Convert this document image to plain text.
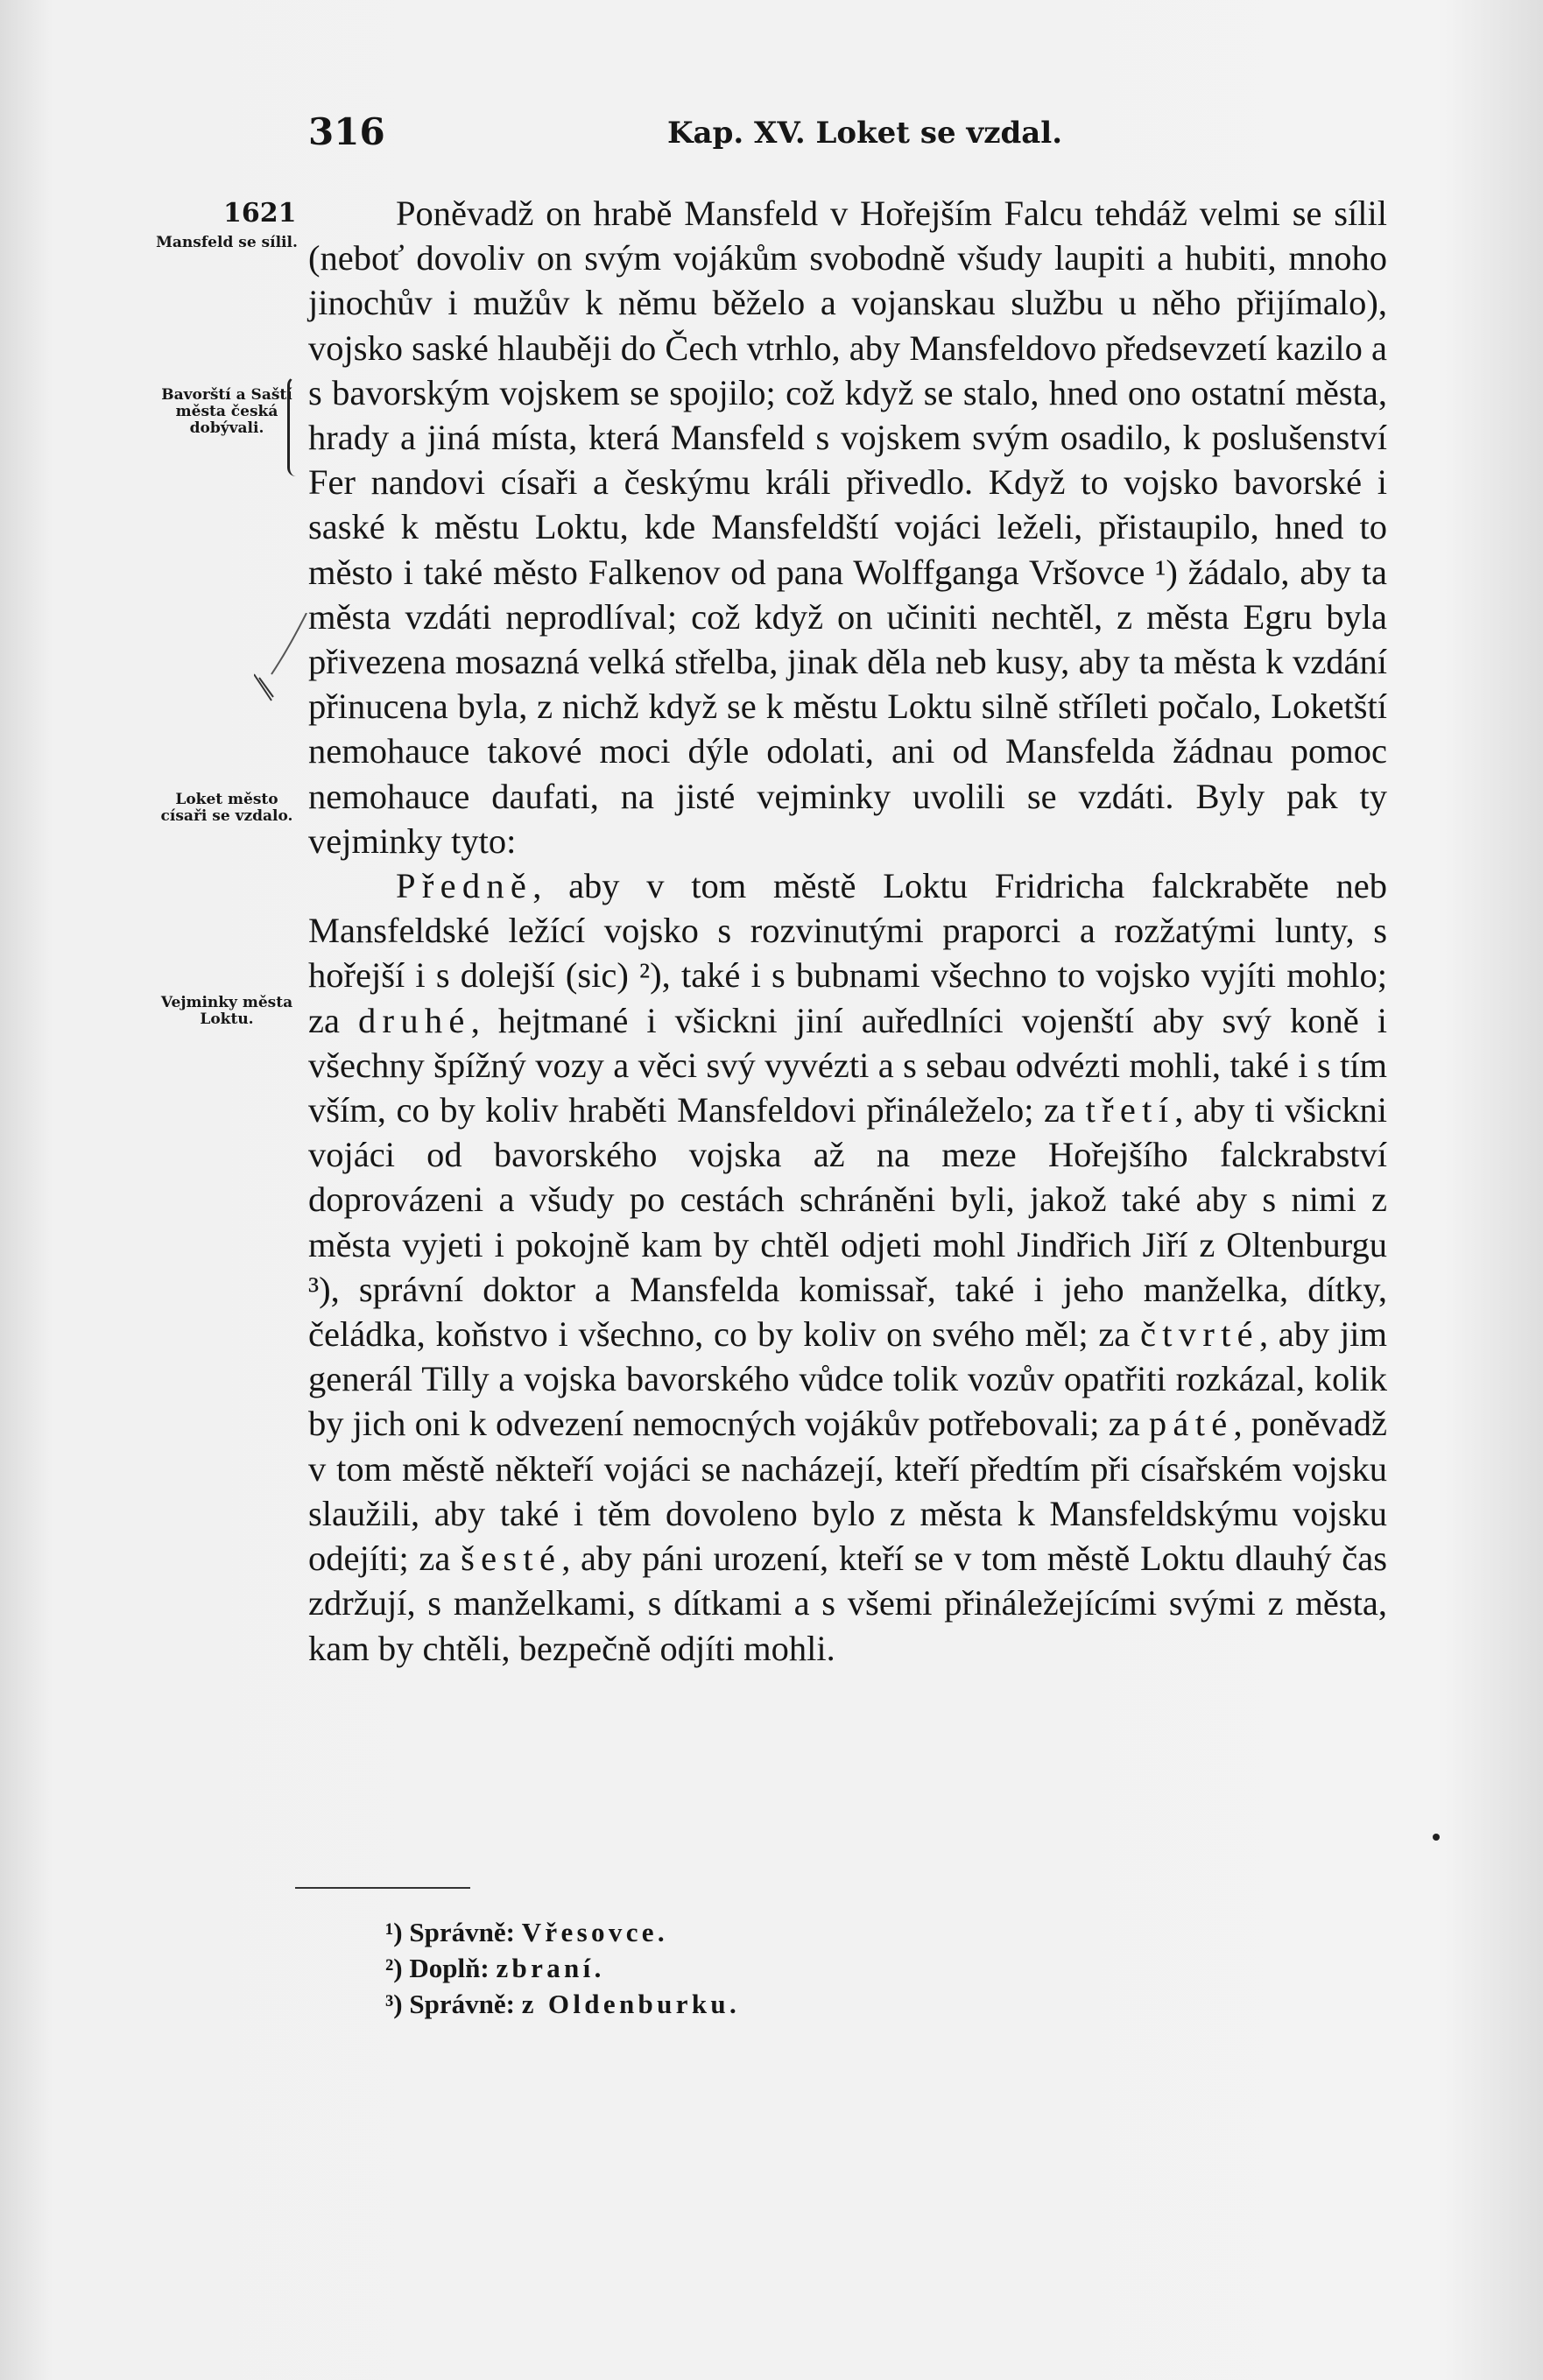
316	Kap. XV. Loket se vzdal.
1621
Mansfeld se sílil.
Bavorští a Saští města česká dobývali.
Loket město císaři se vzdalo.
Vejminky města Loktu.

Poněvadž on hrabě Mansfeld v Hořejším Falcu tehdáž velmi se sílil (neboť dovoliv on svým vojákům svobodně všudy laupiti a hubiti, mnoho jinochův i mužův k němu běželo a vojanskau službu u něho přijímalo), vojsko saské hlauběji do Čech vtrhlo, aby Mansfeldovo předsevzetí kazilo a s bavorským vojskem se spojilo; což když se stalo, hned ono ostatní města, hrady a jiná místa, která Mansfeld s vojskem svým osadilo, k poslušenství Fer nandovi císaři a českýmu králi přivedlo. Když to vojsko bavorské i saské k městu Loktu, kde Mansfeldští vojáci leželi, přistaupilo, hned to město i také město Falkenov od pana Wolffganga Vršovce ¹) žádalo, aby ta města vzdáti neprodlíval; což když on učiniti nechtěl, z města Egru byla přivezena mosazná velká střelba, jinak děla neb kusy, aby ta města k vzdání přinucena byla, z nichž když se k městu Loktu silně stříleti počalo, Loketští nemohauce takové moci dýle odolati, ani od Mansfelda žádnau pomoc nemohauce daufati, na jisté vejminky uvolili se vzdáti. Byly pak ty vejminky tyto:

Předně, aby v tom městě Loktu Fridricha falckraběte neb Mansfeldské ležící vojsko s rozvinutými praporci a rozžatými lunty, s hořejší i s dolejší (sic) ²), také i s bubnami všechno to vojsko vyjíti mohlo; za druhé, hejtmané i všickni jiní auředlníci vojenští aby svý koně i všechny špížný vozy a věci svý vyvézti a s sebau odvézti mohli, také i s tím vším, co by koliv hraběti Mansfeldovi přináleželo; za třetí, aby ti všickni vojáci od bavorského vojska až na meze Hořejšího falckrabství doprovázeni a všudy po cestách schráněni byli, jakož také aby s nimi z města vyjeti i pokojně kam by chtěl odjeti mohl Jindřich Jiří z Oltenburgu ³), správní doktor a Mansfelda komissař, také i jeho manželka, dítky, čeládka, koňstvo i všechno, co by koliv on svého měl; za čtvrté, aby jim generál Tilly a vojska bavorského vůdce tolik vozův opatřiti rozkázal, kolik by jich oni k odvezení nemocných vojákův potřebovali; za páté, poněvadž v tom městě někteří vojáci se nacházejí, kteří předtím při císařském vojsku slaužili, aby také i těm dovoleno bylo z města k Mansfeldskýmu vojsku odejíti; za šesté, aby páni urození, kteří se v tom městě Loktu dlauhý čas zdržují, s manželkami, s dítkami a s všemi přináležejícími svými z města, kam by chtěli, bezpečně odjíti mohli.

¹) Správně: Vřesovce.
²) Doplň: zbraní.
³) Správně: z Oldenburku.
